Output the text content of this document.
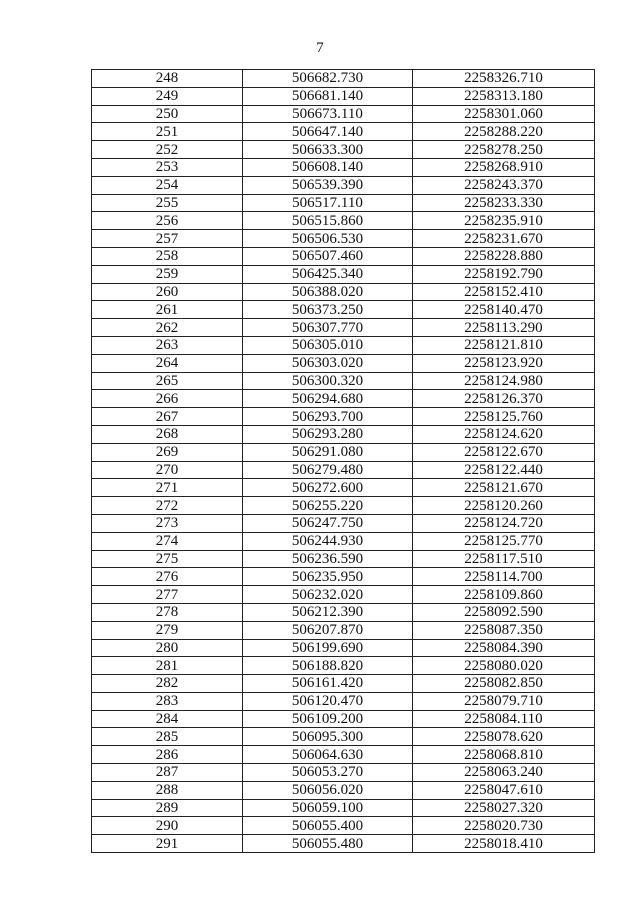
7
248	506682.730	2258326.710
249	506681.140	2258313.180
250	506673.110	2258301.060
251	506647.140	2258288.220
252	506633.300	2258278.250
253	506608.140	2258268.910
254	506539.390	2258243.370
255	506517.110	2258233.330
256	506515.860	2258235.910
257	506506.530	2258231.670
258	506507.460	2258228.880
259	506425.340	2258192.790
260	506388.020	2258152.410
261	506373.250	2258140.470
262	506307.770	2258113.290
263	506305.010	2258121.810
264	506303.020	2258123.920
265	506300.320	2258124.980
266	506294.680	2258126.370
267	506293.700	2258125.760
268	506293.280	2258124.620
269	506291.080	2258122.670
270	506279.480	2258122.440
271	506272.600	2258121.670
272	506255.220	2258120.260
273	506247.750	2258124.720
274	506244.930	2258125.770
275	506236.590	2258117.510
276	506235.950	2258114.700
277	506232.020	2258109.860
278	506212.390	2258092.590
279	506207.870	2258087.350
280	506199.690	2258084.390
281	506188.820	2258080.020
282	506161.420	2258082.850
283	506120.470	2258079.710
284	506109.200	2258084.110
285	506095.300	2258078.620
286	506064.630	2258068.810
287	506053.270	2258063.240
288	506056.020	2258047.610
289	506059.100	2258027.320
290	506055.400	2258020.730
291	506055.480	2258018.410
